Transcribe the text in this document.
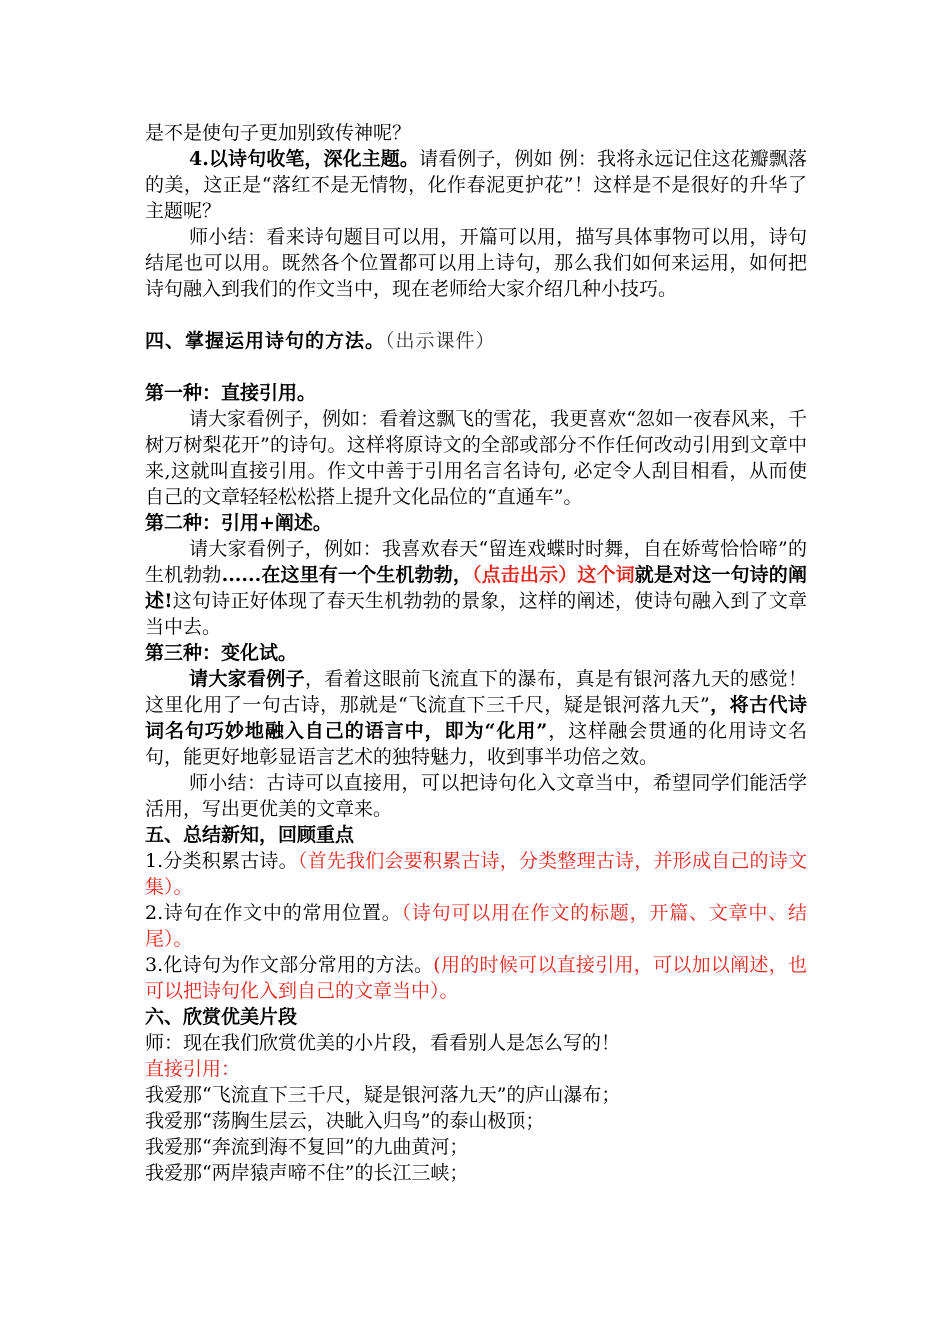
是不是使句子更加别致传神呢？

4.以诗句收笔，深化主题。请看例子，例如 例：我将永远记住这花瓣飘落的美，这正是“落红不是无情物，化作春泥更护花”！这样是不是很好的升华了主题呢？

师小结：看来诗句题目可以用，开篇可以用，描写具体事物可以用，诗句结尾也可以用。既然各个位置都可以用上诗句，那么我们如何来运用，如何把诗句融入到我们的作文当中，现在老师给大家介绍几种小技巧。

四、掌握运用诗句的方法。（出示课件）

第一种：直接引用。

请大家看例子，例如：看着这飘飞的雪花，我更喜欢“忽如一夜春风来，千树万树梨花开”的诗句。这样将原诗文的全部或部分不作任何改动引用到文章中来,这就叫直接引用。作文中善于引用名言名诗句, 必定令人刮目相看，从而使自己的文章轻轻松松搭上提升文化品位的“直通车”。

第二种：引用+阐述。

请大家看例子，例如：我喜欢春天“留连戏蝶时时舞，自在娇莺恰恰啼”的生机勃勃......在这里有一个生机勃勃，（点击出示）这个词就是对这一句诗的阐述!这句诗正好体现了春天生机勃勃的景象，这样的阐述，使诗句融入到了文章当中去。

第三种：变化试。

请大家看例子，看着这眼前飞流直下的瀑布，真是有银河落九天的感觉！这里化用了一句古诗，那就是“飞流直下三千尺，疑是银河落九天”，将古代诗词名句巧妙地融入自己的语言中，即为“化用”，这样融会贯通的化用诗文名句，能更好地彰显语言艺术的独特魅力，收到事半功倍之效。

师小结：古诗可以直接用，可以把诗句化入文章当中，希望同学们能活学活用，写出更优美的文章来。

五、总结新知，回顾重点

1.分类积累古诗。（首先我们会要积累古诗，分类整理古诗，并形成自己的诗文集）。

2.诗句在作文中的常用位置。（诗句可以用在作文的标题，开篇、文章中、结尾）。

3.化诗句为作文部分常用的方法。(用的时候可以直接引用，可以加以阐述，也可以把诗句化入到自己的文章当中）。

六、欣赏优美片段

师：现在我们欣赏优美的小片段，看看别人是怎么写的！

直接引用：

我爱那“飞流直下三千尺，疑是银河落九天”的庐山瀑布；

我爱那“荡胸生层云，决眦入归鸟”的泰山极顶；

我爱那“奔流到海不复回”的九曲黄河；

我爱那“两岸猿声啼不住”的长江三峡；
